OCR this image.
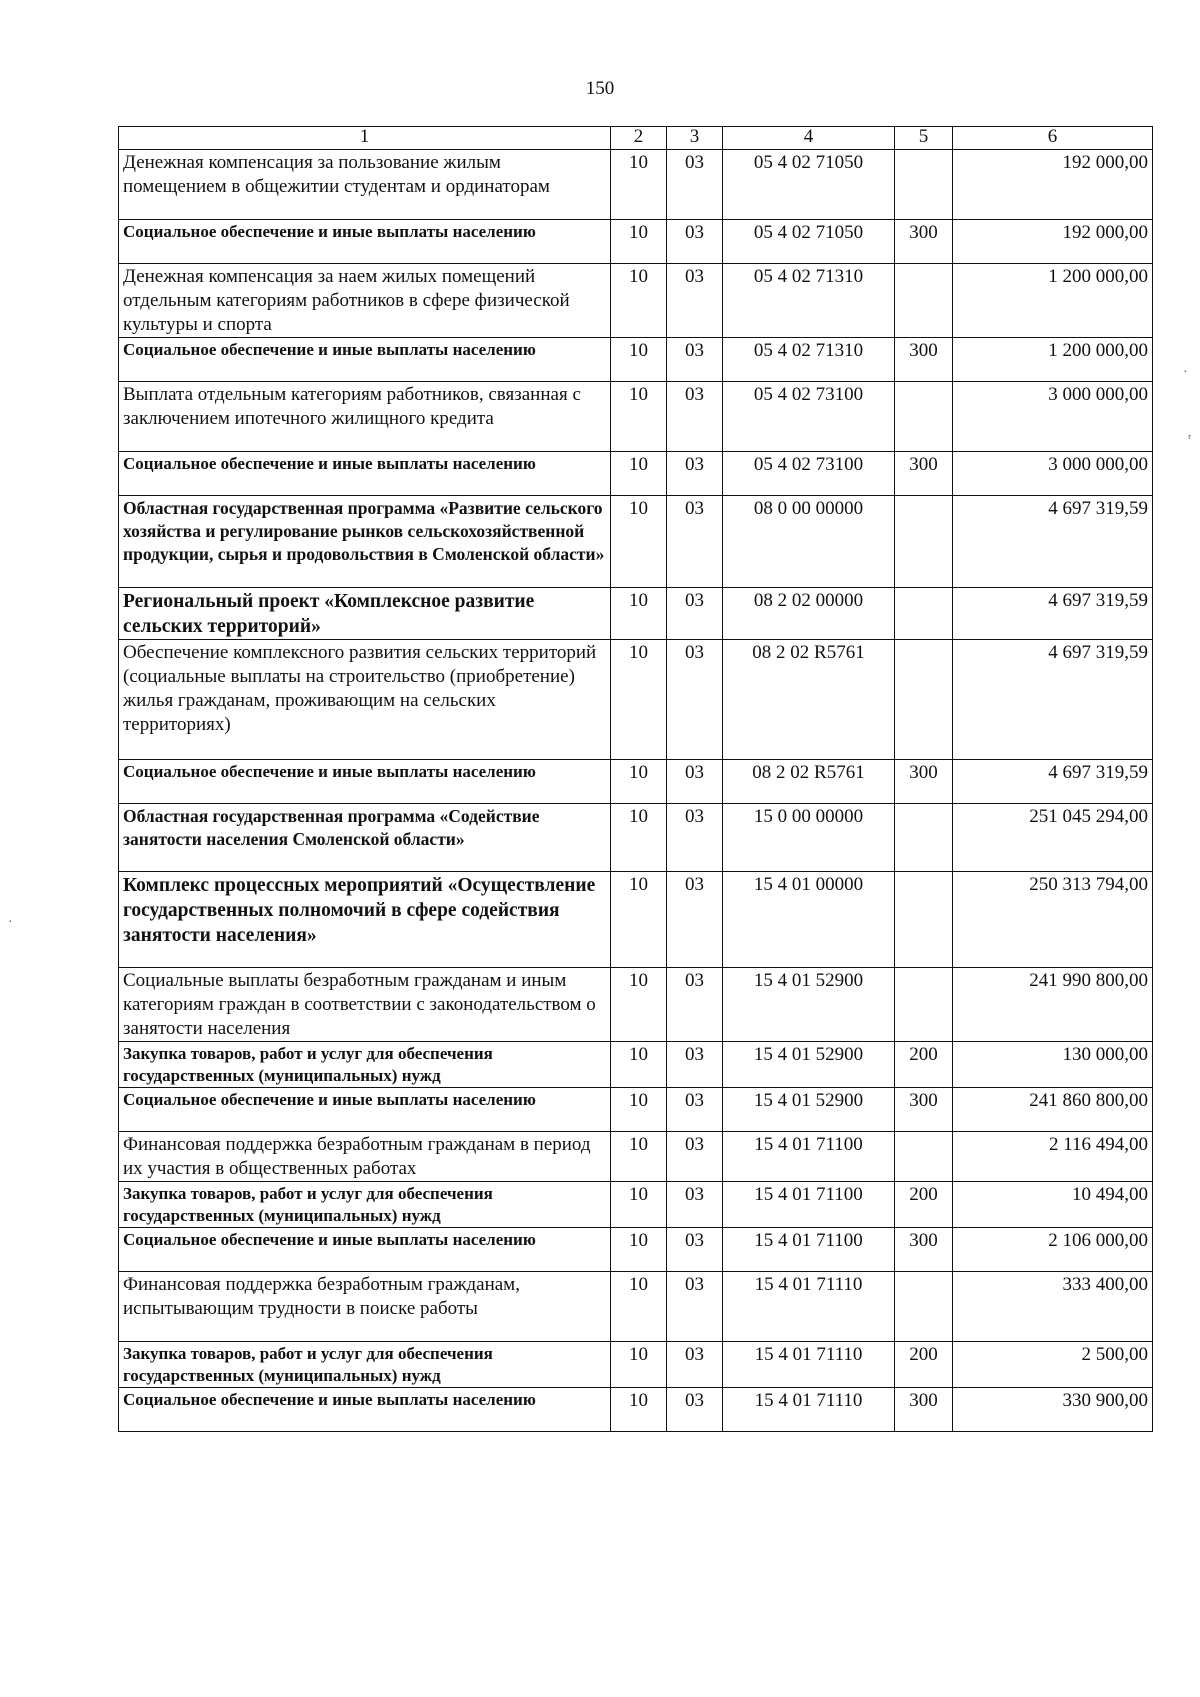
150
·
ʳ
·
1	2	3	4	5	6
Денежная компенсация за пользование жилым помещением в общежитии студентам и ординаторам	10	03	05 4 02 71050		192 000,00
Социальное обеспечение и иные выплаты населению	10	03	05 4 02 71050	300	192 000,00
Денежная компенсация за наем жилых помещений отдельным категориям работников в сфере физической культуры и спорта	10	03	05 4 02 71310		1 200 000,00
Социальное обеспечение и иные выплаты населению	10	03	05 4 02 71310	300	1 200 000,00
Выплата отдельным категориям работников, связанная с заключением ипотечного жилищного кредита	10	03	05 4 02 73100		3 000 000,00
Социальное обеспечение и иные выплаты населению	10	03	05 4 02 73100	300	3 000 000,00
Областная государственная программа «Развитие сельского хозяйства и регулирование рынков сельскохозяйственной продукции, сырья и продовольствия в Смоленской области»	10	03	08 0 00 00000		4 697 319,59
Региональный проект «Комплексное развитие сельских территорий»	10	03	08 2 02 00000		4 697 319,59
Обеспечение комплексного развития сельских территорий (социальные выплаты на строительство (приобретение) жилья гражданам, проживающим на сельских территориях)	10	03	08 2 02 R5761		4 697 319,59
Социальное обеспечение и иные выплаты населению	10	03	08 2 02 R5761	300	4 697 319,59
Областная государственная программа «Содействие занятости населения Смоленской области»	10	03	15 0 00 00000		251 045 294,00
Комплекс процессных мероприятий «Осуществление государственных полномочий в сфере содействия занятости населения»	10	03	15 4 01 00000		250 313 794,00
Социальные выплаты безработным гражданам и иным категориям граждан в соответствии с законодательством о занятости населения	10	03	15 4 01 52900		241 990 800,00
Закупка товаров, работ и услуг для обеспечения государственных (муниципальных) нужд	10	03	15 4 01 52900	200	130 000,00
Социальное обеспечение и иные выплаты населению	10	03	15 4 01 52900	300	241 860 800,00
Финансовая поддержка безработным гражданам в период их участия в общественных работах	10	03	15 4 01 71100		2 116 494,00
Закупка товаров, работ и услуг для обеспечения государственных (муниципальных) нужд	10	03	15 4 01 71100	200	10 494,00
Социальное обеспечение и иные выплаты населению	10	03	15 4 01 71100	300	2 106 000,00
Финансовая поддержка безработным гражданам, испытывающим трудности в поиске работы	10	03	15 4 01 71110		333 400,00
Закупка товаров, работ и услуг для обеспечения государственных (муниципальных) нужд	10	03	15 4 01 71110	200	2 500,00
Социальное обеспечение и иные выплаты населению	10	03	15 4 01 71110	300	330 900,00
